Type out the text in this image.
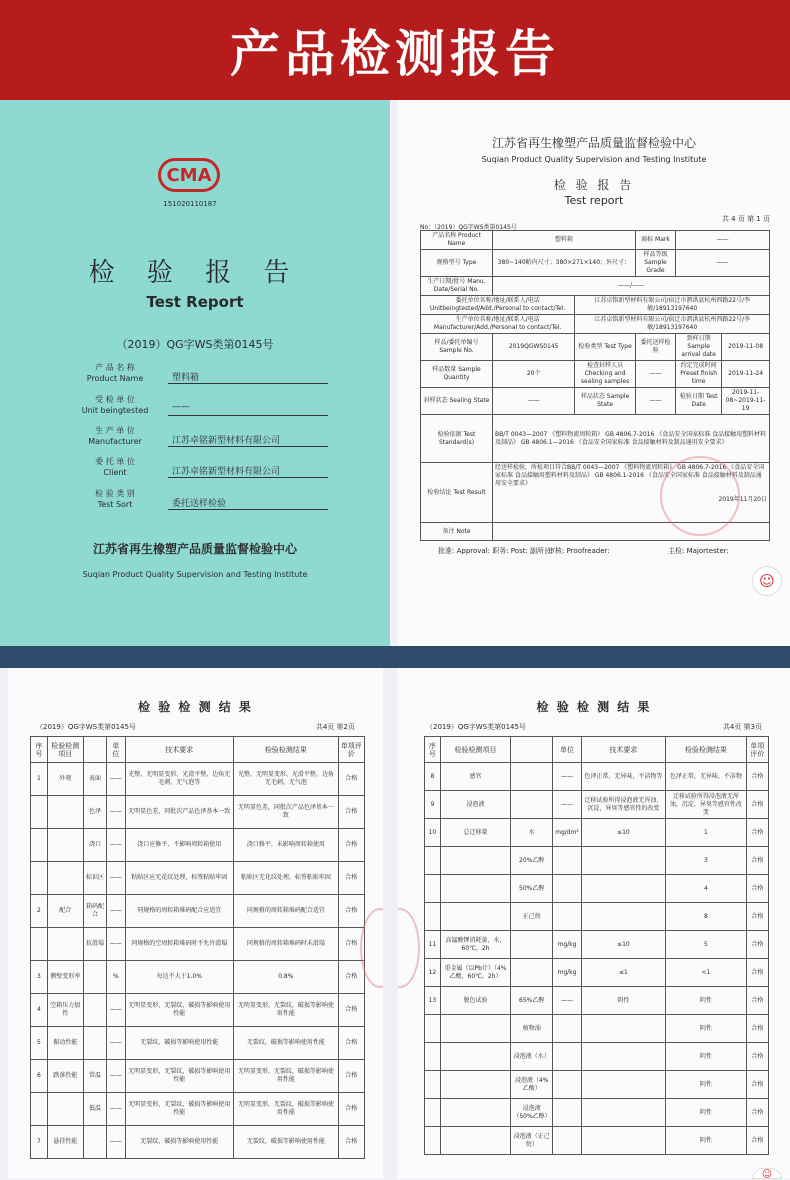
产品检测报告
CMA
151020110187
检 验 报 告
Test Report
（2019）QG字WS类第0145号
产 品 名 称
Product Name	塑料箱
受 检 单 位
Unit beingtested	——
生 产 单 位
Manufacturer	江苏卓铭新型材料有限公司
委 托 单 位
Client	江苏卓铭新型材料有限公司
检 验 类 别
Test Sort	委托送样检验
江苏省再生橡塑产品质量监督检验中心
Suqian Product Quality Supervision and Testing Institute
江苏省再生橡塑产品质量监督检验中心
Suqian Product Quality Supervision and Testing Institute
检 验 报 告
Test report
共 4 页 第 1 页
No：（2019）QG字WS类第0145号
产品名称 Product Name	塑料箱		商标 Mark	——	
规格型号 Type	380~140帕内尺寸；380×271×140；外尺寸；		样品等级 Sample Grade	——	
生产日期/批号 Manu. Date/Serial No.	——/——				
委托单位名称/地址/联系人/电话 Unitbeingtested/Add./Personal to contact/Tel.		江苏卓铭新型材料有限公司/宿迁市泗洪县杭州西路22号/李敏/18913197640			
生产单位名称/地址/联系人/电话 Manufacturer/Add./Personal to contact/Tel.		江苏卓铭新型材料有限公司/宿迁市泗洪县杭州西路22号/李敏/18913197640			
样品/委托单编号 Sample No.	2019QGWS0145	检验类型 Test Type	委托送样检验	到样日期 Sample arrival date	2019-11-08
样品数量 Sample Quantity	20个	检查封样人员 Checking and sealing samples	——	约定完成时间 Preset finish time	2019-11-24
封样状态 Sealing State	——	样品状态 Sample State	——	检验日期 Test Date	2019-11-08~2019-11-19
检验依据 Test Standard(s)	BB/T 0043—2007 《塑料物流周转箱》 GB 4806.7-2016 《食品安全国家标准 食品接触用塑料材料及制品》 GB 4806.1—2016 《食品安全国家标准 食品接触材料及制品通用安全要求》				
检验结论 Test Result	经送样检验，所检项目符合BB/T 0043—2007 《塑料物流周转箱》 GB 4806.7-2016 《食品安全国家标准 食品接触用塑料材料及制品》 GB 4806.1-2016 《食品安全国家标准 食品接触材料及制品通用安全要求》
2019年11月20日				

备注 Note					
批准: Approval: 职务: Post: 副所长
审核: Proofreader:	主检: Majortester:
☺
检 验 检 测 结 果
（2019）QG字WS类第0145号	共4页 第2页
序号	检验检测项目		单位	技术要求	检验检测结果	单项评价
1	外观	表面	——	光整，无明显变形、光滑平整，边角无毛刺，无气泡等	光整，无明显变形、光滑平整，边角无毛刺，无气泡	合格
		色泽	——	无明显色差，同批次产品色泽基本一致	无明显色差，同批次产品色泽基本一致	合格
		浇口	——	浇口应修平，不影响周转箱使用	浇口修平，未影响周转箱使用	合格
		标识区	——	粘贴区应无花纹处理，标签粘贴牢固	粘贴区无花纹处理，标签粘贴牢固	合格
2	配合	箱码配合	——	同规格的周转箱堆码配合应适宜	同规格的周转箱堆码配合适宜	合格
		抗滑塌	——	同规格的空周转箱堆码时不允许滑塌	同规格的周转箱堆码时未滑塌	合格
3	侧壁变形率		%	每边不大于1.0%	0.8%	合格
4	空箱压力加性		——	无明显变形，无裂纹，破损等影响使用性能	无明显变形，无裂纹，破损等影响使用性能	合格
5	振动性能		——	无裂纹，破损等影响使用性能	无裂纹，破损等影响使用性能	合格
6	跌落性能	常温	——	无明显变形，无裂纹，破损等影响使用性能	无明显变形，无裂纹，破损等影响使用性能	合格
		低温	——	无明显变形，无裂纹，破损等影响使用性能	无明显变形，无裂纹，破损等影响使用性能	合格
7	悬挂性能		——	无裂纹，破损等影响使用性能	无裂纹，破损等影响使用性能	合格
检 验 检 测 结 果
（2019）QG字WS类第0145号	共4页 第3页
序号	检验检测项目		单位	技术要求	检验检测结果	单项评价
8	感官		——	色泽正常，无异味，不洁物等	色泽正常，无异味，不洁物	合格
9	浸泡液		——	迁移试验所得浸泡液无浑浊，沉淀，异臭等感官性的改变	迁移试验所得浸泡液无浑浊，沉淀，异臭等感官性改变	合格
10	总迁移量	水	mg/dm²	≤10	1	合格
		20%乙醇			3	合格
		50%乙醇			4	合格
		正己烷			8	合格
11	高锰酸钾消耗量，水，60℃，2h		mg/kg	≤10	5	合格
12	重金属（以Pb计）（4%乙酸，60℃，2h）		mg/kg	≤1	<1	合格
13	脱色试验	65%乙醇	——	阴性	阴性	合格
		植物油			阴性	合格
		浸泡液（水）			阴性	合格
		浸泡液（4%乙酸）			阴性	合格
		浸泡液（50%乙醇）			阴性	合格
		浸泡液（正己烷）			阴性	合格
☺
